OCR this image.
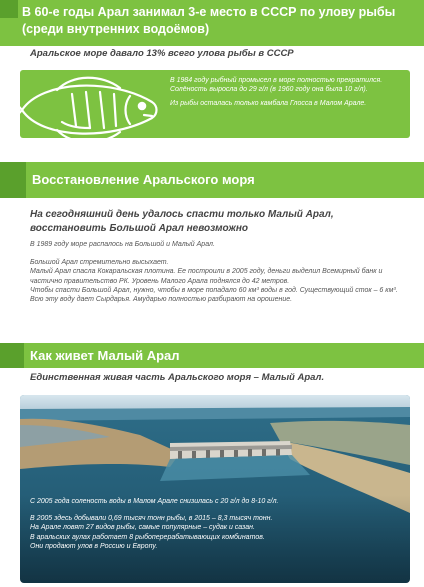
В 60-е годы Арал занимал 3-е место в СССР по улову рыбы (среди внутренних водоёмов)
Аральское море давало 13% всего улова рыбы в СССР

В 1984 году рыбный промысел в море полностью прекратился. Солёность выросла до 29 г/л (в 1960 году она была 10 г/л).

Из рыбы осталась только камбала Глосса в Малом Арале.

Восстановление Аральского моря
На сегодняшний день удалось спасти только Малый Арал, восстановить Большой Арал невозможно

В 1989 году море распалось на Большой и Малый Арал.

Большой Арал стремительно высыхает.

Малый Арал спасла Кокаральская плотина. Ее построили в 2005 году, деньги выделил Всемирный банк и частично правительство РК. Уровень Малого Арала поднялся до 42 метров.

Чтобы спасти Большой Арал, нужно, чтобы в море попадало 60 км³ воды в год. Существующий сток – 6 км³. Всю эту воду дает Сырдарья. Амударью полностью разбирают на орошение.

Как живет Малый Арал
Единственная живая часть Аральского моря – Малый Арал.

С 2005 года соленость воды в Малом Арале снизилась с 20 г/л до 8-10 г/л.

В 2005 здесь добывали 0,69 тысяч тонн рыбы, в 2015 – 8,3 тысяч тонн.

На Арале ловят 27 видов рыбы, самые популярные – судак и сазан.

В аральских аулах работает 8 рыбоперерабатывающих комбинатов.

Они продают улов в Россию и Европу.
